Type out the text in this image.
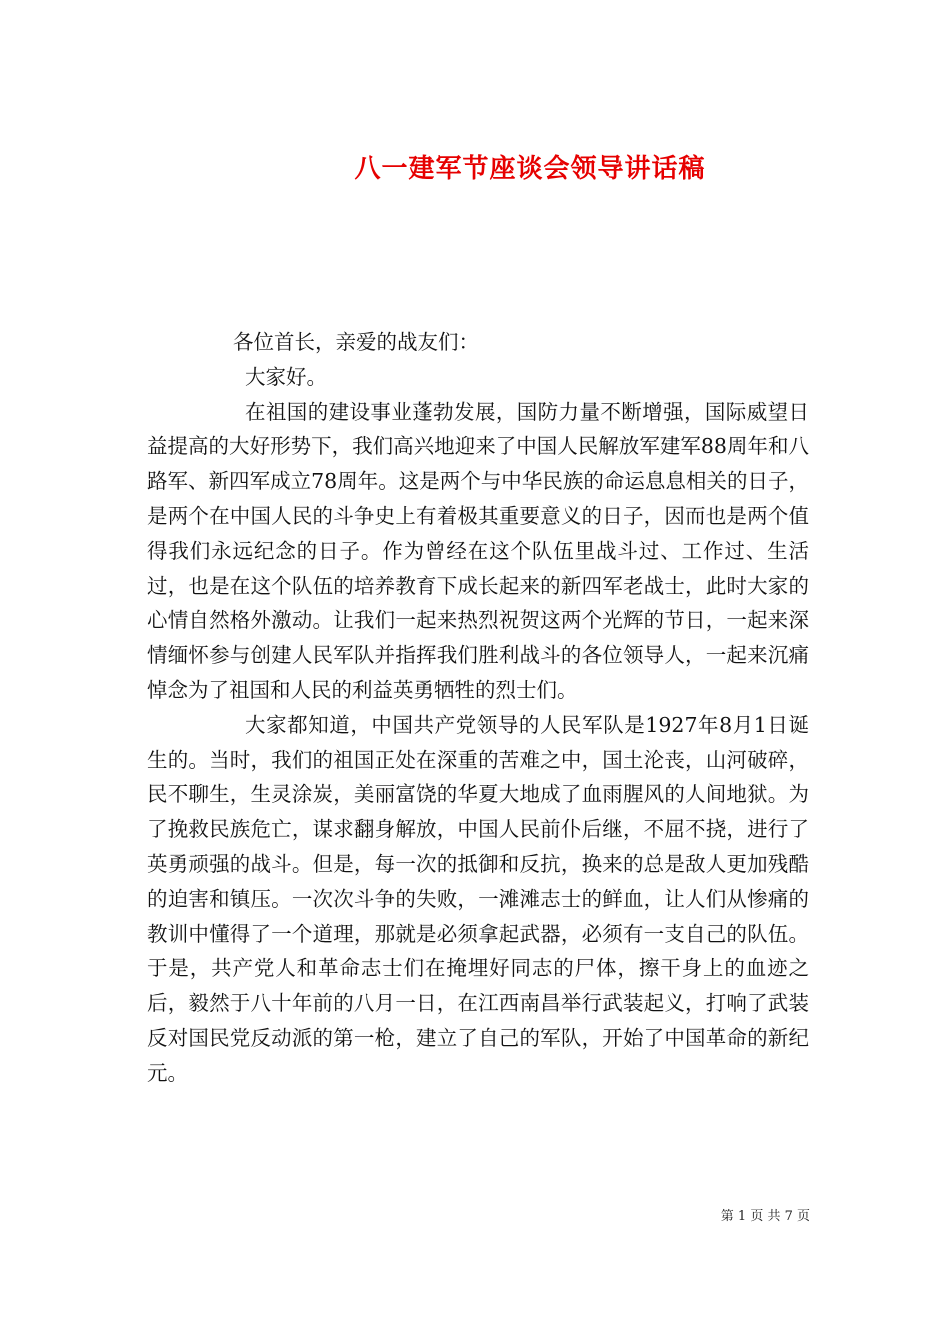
八一建军节座谈会领导讲话稿

各位首长，亲爱的战友们：

大家好。

在祖国的建设事业蓬勃发展，国防力量不断增强，国际威望日益提高的大好形势下，我们高兴地迎来了中国人民解放军建军88周年和八路军、新四军成立78周年。这是两个与中华民族的命运息息相关的日子，是两个在中国人民的斗争史上有着极其重要意义的日子，因而也是两个值得我们永远纪念的日子。作为曾经在这个队伍里战斗过、工作过、生活过，也是在这个队伍的培养教育下成长起来的新四军老战士，此时大家的心情自然格外激动。让我们一起来热烈祝贺这两个光辉的节日，一起来深情缅怀参与创建人民军队并指挥我们胜利战斗的各位领导人，一起来沉痛悼念为了祖国和人民的利益英勇牺牲的烈士们。

大家都知道，中国共产党领导的人民军队是1927年8月1日诞生的。当时，我们的祖国正处在深重的苦难之中，国土沦丧，山河破碎，民不聊生，生灵涂炭，美丽富饶的华夏大地成了血雨腥风的人间地狱。为了挽救民族危亡，谋求翻身解放，中国人民前仆后继，不屈不挠，进行了英勇顽强的战斗。但是，每一次的抵御和反抗，换来的总是敌人更加残酷的迫害和镇压。一次次斗争的失败，一滩滩志士的鲜血，让人们从惨痛的教训中懂得了一个道理，那就是必须拿起武器，必须有一支自己的队伍。于是，共产党人和革命志士们在掩埋好同志的尸体，擦干身上的血迹之后，毅然于八十年前的八月一日，在江西南昌举行武装起义，打响了武装反对国民党反动派的第一枪，建立了自己的军队，开始了中国革命的新纪元。

第 1 页 共 7 页
